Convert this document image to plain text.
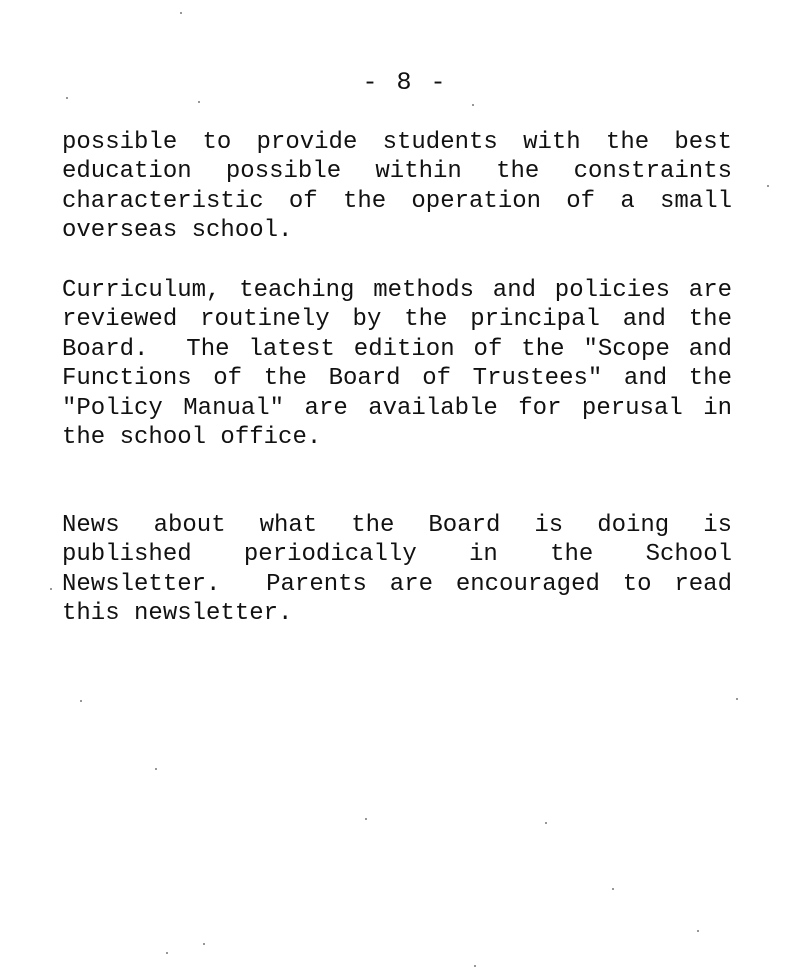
- 8 -
possible to provide students with the best
education possible within the constraints
characteristic of the operation of a small
overseas school.
Curriculum, teaching methods and policies are
reviewed routinely by the principal and the
Board.  The latest edition of the "Scope and
Functions of the Board of Trustees" and the
"Policy Manual" are available for perusal in
the school office.
News about what the Board is doing is
published periodically in the School
Newsletter.  Parents are encouraged to read
this newsletter.
